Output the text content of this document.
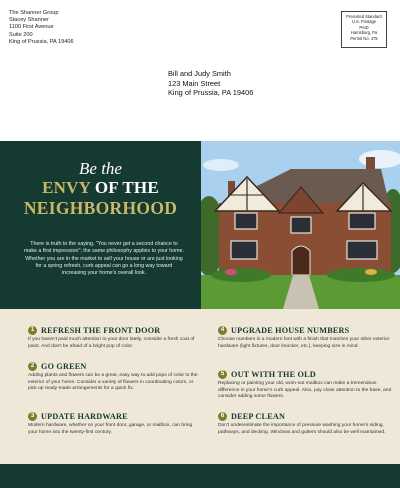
The Shanner Group
Stacey Shanner
1100 First Avenue
Suite 200
King of Prussia, PA 19406
Presorted Standard
U.S. Postage
PAID
Harrisburg, Pa
Permit No. 475
Bill and Judy Smith
123 Main Street
King of Prussia, PA 19406
Be the
ENVY OF THE
NEIGHBORHOOD
There is truth to the saying, "You never get a second chance to make a first impression"; the same philosophy applies to your home. Whether you are in the market to sell your house or are just looking for a spring refresh, curb appeal can go a long way toward increasing your home's overall look.
1 REFRESH THE FRONT DOOR
If you haven't paid much attention to your door lately, consider a fresh coat of paint. And don't be afraid of a bright pop of color.
2 GO GREEN
Adding plants and flowers can be a great, easy way to add pops of color to the exterior of your home. Consider a variety of flowers in coordinating colors, or pick up ready-made arrangements for a quick fix.
3 UPDATE HARDWARE
Modern hardware, whether on your front door, garage, or mailbox, can bring your home into the twenty-first century.
4 UPGRADE HOUSE NUMBERS
Choose numbers in a modern font with a finish that matches your other exterior hardware (light fixtures, door knocker, etc.), keeping size in mind.
5 OUT WITH THE OLD
Replacing or painting your old, worn-out mailbox can make a tremendous difference in your home's curb appeal. Also, pay close attention to the base, and consider adding some flowers.
6 DEEP CLEAN
Don't underestimate the importance of pressure washing your home's siding, pathways, and decking. Windows and gutters should also be well maintained.
